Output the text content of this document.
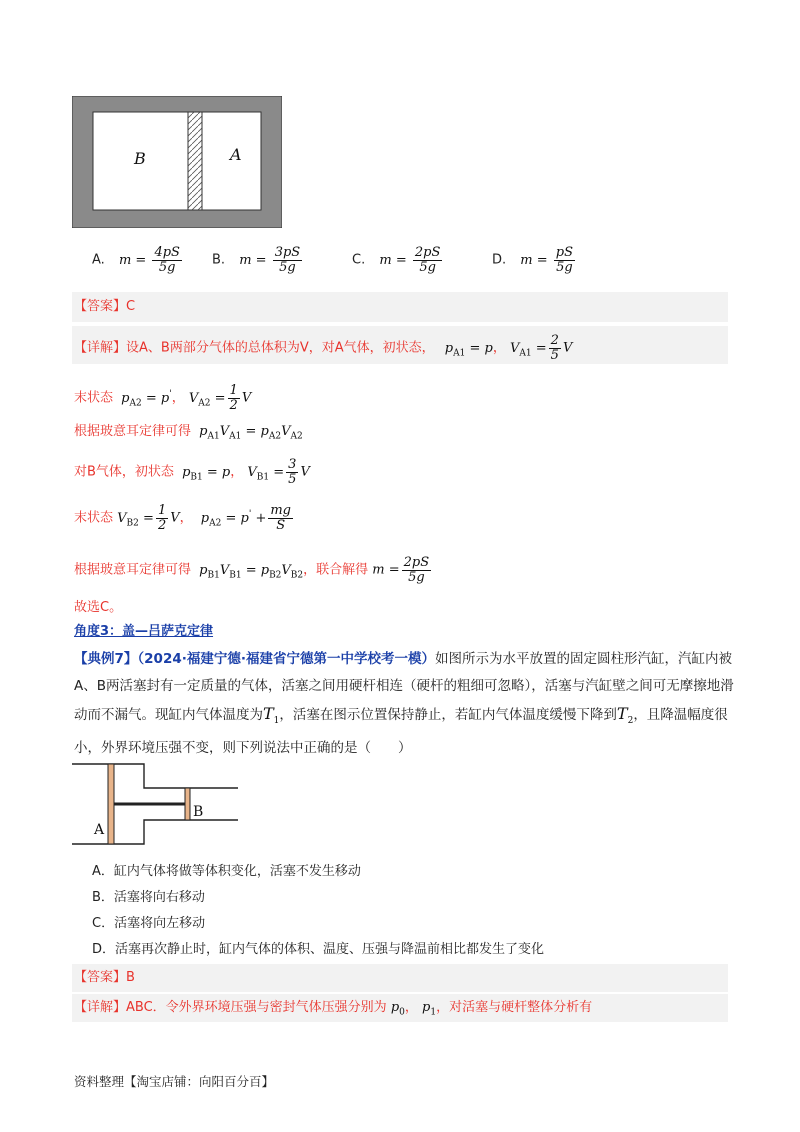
B	A
A. $m = \frac{4pS}{5g} B$. $m = \frac{3pS}{5g}$	C. $m = \frac{2pS}{5g}$	D. $m = \frac{pS}{5g}$
【答案】C
【详解】设A、B两部分气体的总体积为V，对A气体，初状态， $p_{A1} = p$， $V_{A1} = \frac{2}{5}$ V
末状态 $p_{A2} = p'$， $V_{A2} = \frac{1}{2}$ V
根据玻意耳定律可得 $p_{A1}V_{A1} = p_{A2}V_{A2}$
对B气体，初状态 $p_{B1} = p$， $V_{B1} = \frac{3}{5}$ V
末状态 $V_{B2} = \frac{1}{2}$ V， $p_{A2} = p' + \frac{mg}{S}$
根据玻意耳定律可得 $p_{B1}V_{B1} = p_{B2}V_{B2}$，联合解得 $m = \frac{2pS}{5g}$
故选C。
角度3：盖—吕萨克定律
【典例7】（2024·福建宁德·福建省宁德第一中学校考一模）如图所示为水平放置的固定圆柱形汽缸，汽缸内被A、B两活塞封有一定质量的气体，活塞之间用硬杆相连（硬杆的粗细可忽略），活塞与汽缸壁之间可无摩擦地滑动而不漏气。现缸内气体温度为$T_1$，活塞在图示位置保持静止，若缸内气体温度缓慢下降到$T_2$，且降温幅度很小，外界环境压强不变，则下列说法中正确的是（　　）
A
B
A．缸内气体将做等体积变化，活塞不发生移动
B．活塞将向右移动
C．活塞将向左移动
D．活塞再次静止时，缸内气体的体积、温度、压强与降温前相比都发生了变化
【答案】B
【详解】ABC．令外界环境压强与密封气体压强分别为 $p_0$， $p_1$，对活塞与硬杆整体分析有
资料整理【淘宝店铺：向阳百分百】
